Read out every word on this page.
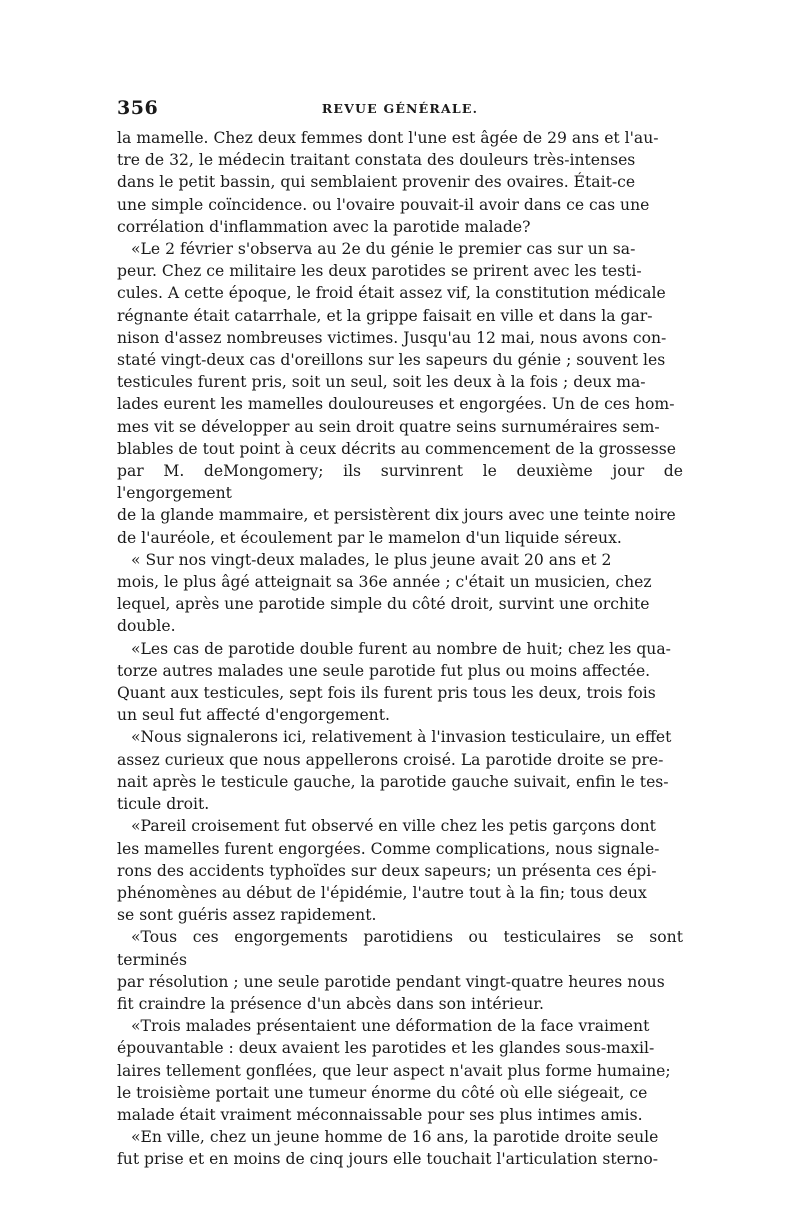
356	REVUE GÉNÉRALE.

la mamelle. Chez deux femmes dont l'une est âgée de 29 ans et l'au-
tre de 32, le médecin traitant constata des douleurs très-intenses
dans le petit bassin, qui semblaient provenir des ovaires. Était-ce
une simple coïncidence. ou l'ovaire pouvait-il avoir dans ce cas une
corrélation d'inflammation avec la parotide malade?

«Le 2 février s'observa au 2e du génie le premier cas sur un sa-
peur. Chez ce militaire les deux parotides se prirent avec les testi-
cules. A cette époque, le froid était assez vif, la constitution médicale
régnante était catarrhale, et la grippe faisait en ville et dans la gar-
nison d'assez nombreuses victimes. Jusqu'au 12 mai, nous avons con-
staté vingt-deux cas d'oreillons sur les sapeurs du génie ; souvent les
testicules furent pris, soit un seul, soit les deux à la fois ; deux ma-
lades eurent les mamelles douloureuses et engorgées. Un de ces hom-
mes vit se développer au sein droit quatre seins surnuméraires sem-
blables de tout point à ceux décrits au commencement de la grossesse
par M. deMongomery; ils survinrent le deuxième jour de l'engorgement
de la glande mammaire, et persistèrent dix jours avec une teinte noire
de l'auréole, et écoulement par le mamelon d'un liquide séreux.

« Sur nos vingt-deux malades, le plus jeune avait 20 ans et 2
mois, le plus âgé atteignait sa 36e année ; c'était un musicien, chez
lequel, après une parotide simple du côté droit, survint une orchite
double.

«Les cas de parotide double furent au nombre de huit; chez les qua-
torze autres malades une seule parotide fut plus ou moins affectée.
Quant aux testicules, sept fois ils furent pris tous les deux, trois fois
un seul fut affecté d'engorgement.

«Nous signalerons ici, relativement à l'invasion testiculaire, un effet
assez curieux que nous appellerons croisé. La parotide droite se pre-
nait après le testicule gauche, la parotide gauche suivait, enfin le tes-
ticule droit.

«Pareil croisement fut observé en ville chez les petis garçons dont
les mamelles furent engorgées. Comme complications, nous signale-
rons des accidents typhoïdes sur deux sapeurs; un présenta ces épi-
phénomènes au début de l'épidémie, l'autre tout à la fin; tous deux
se sont guéris assez rapidement.

«Tous ces engorgements parotidiens ou testiculaires se sont terminés
par résolution ; une seule parotide pendant vingt-quatre heures nous
fit craindre la présence d'un abcès dans son intérieur.

«Trois malades présentaient une déformation de la face vraiment
épouvantable : deux avaient les parotides et les glandes sous-maxil-
laires tellement gonflées, que leur aspect n'avait plus forme humaine;
le troisième portait une tumeur énorme du côté où elle siégeait, ce
malade était vraiment méconnaissable pour ses plus intimes amis.

«En ville, chez un jeune homme de 16 ans, la parotide droite seule
fut prise et en moins de cinq jours elle touchait l'articulation sterno-
